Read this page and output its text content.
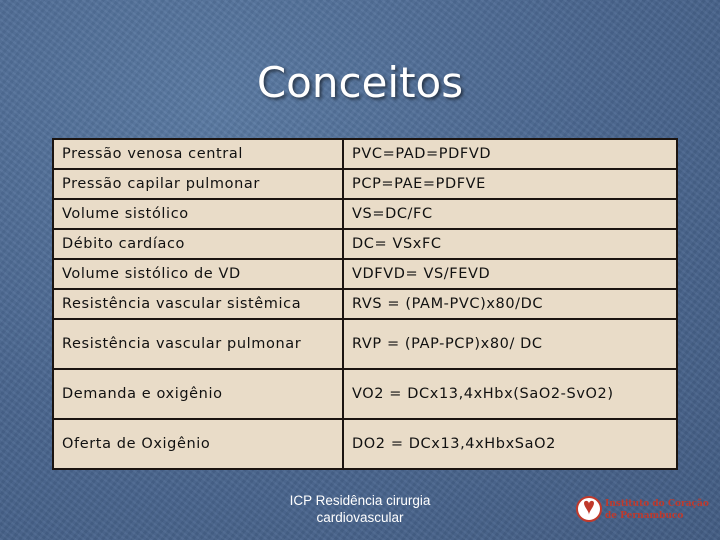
Conceitos
Pressão venosa central	PVC=PAD=PDFVD
Pressão capilar pulmonar	PCP=PAE=PDFVE
Volume sistólico	VS=DC/FC
Débito cardíaco	DC= VSxFC
Volume sistólico de VD	VDFVD= VS/FEVD
Resistência vascular sistêmica	RVS = (PAM-PVC)x80/DC
Resistência vascular pulmonar	RVP = (PAP-PCP)x80/ DC
Demanda e oxigênio	VO2 = DCx13,4xHbx(SaO2-SvO2)
Oferta de Oxigênio	DO2 = DCx13,4xHbxSaO2
ICP Residência cirurgia
cardiovascular
Instituto do Coração
de Pernambuco
